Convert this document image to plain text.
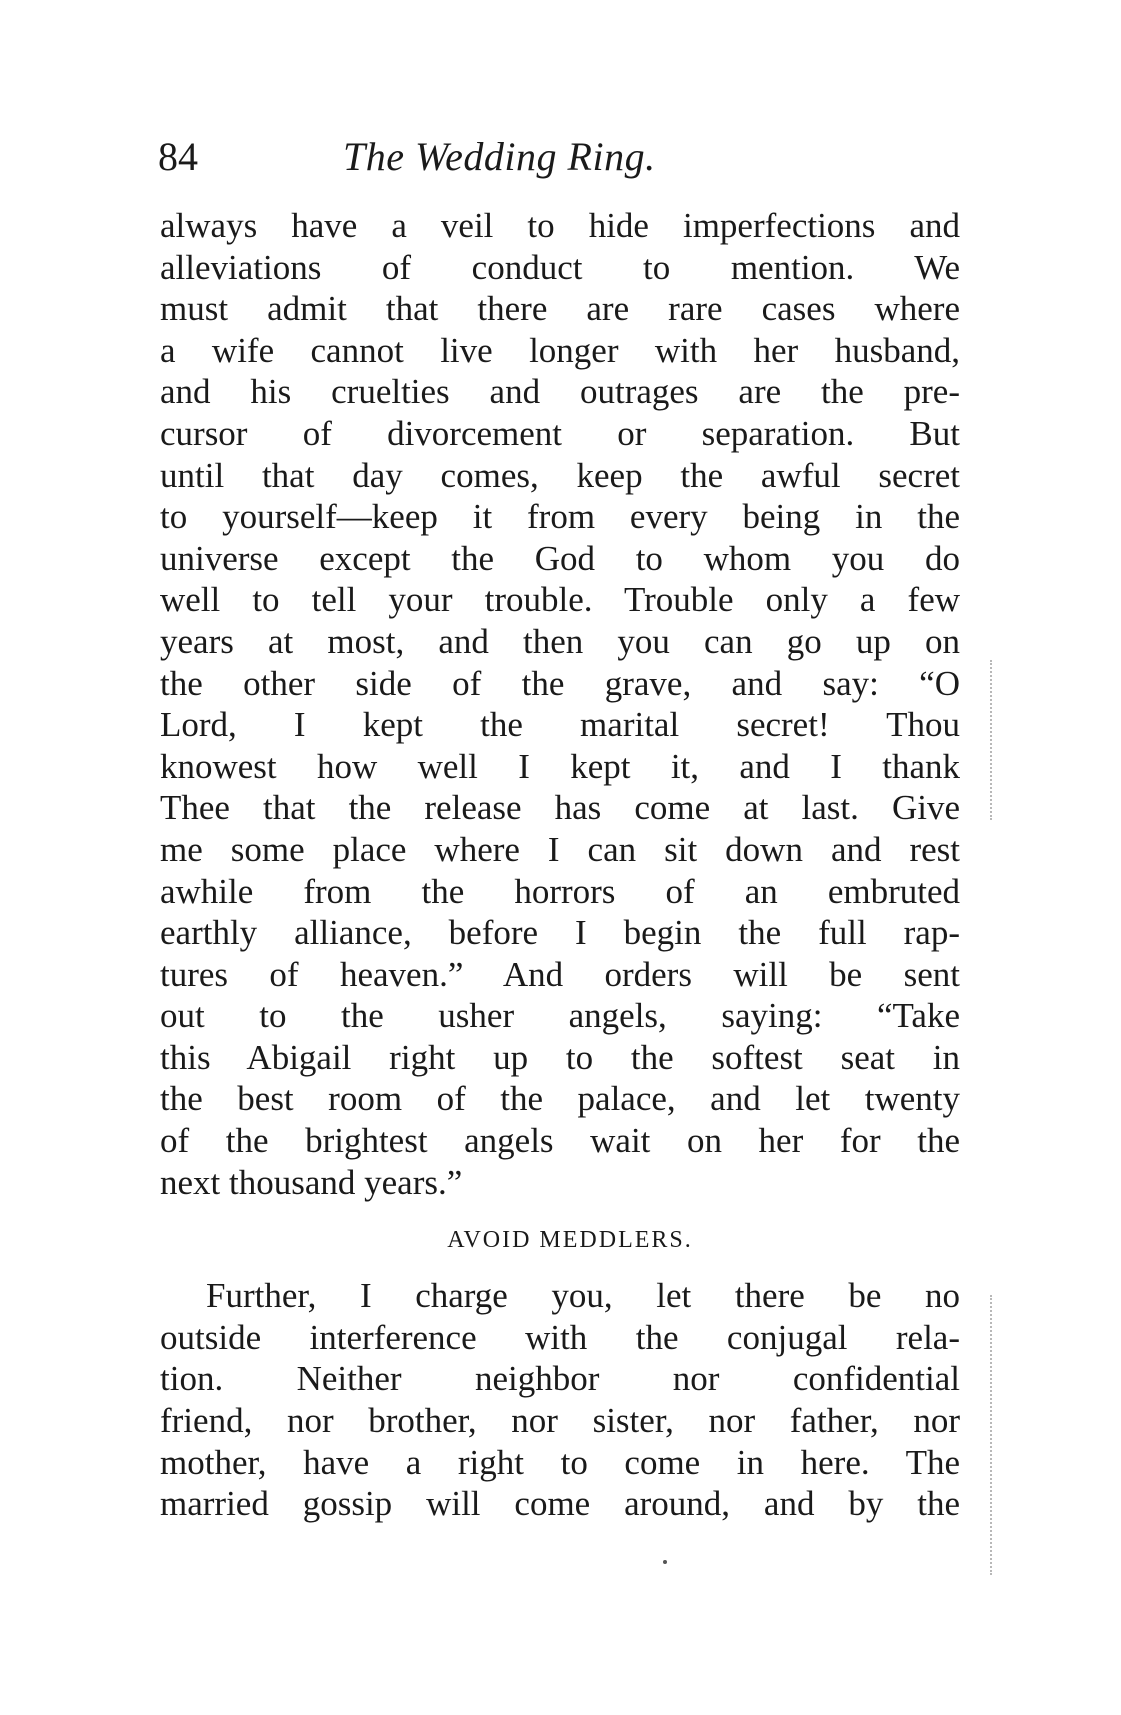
84	The Wedding Ring.
always have a veil to hide imperfections and
alleviations of conduct to mention. We
must admit that there are rare cases where
a wife cannot live longer with her husband,
and his cruelties and outrages are the pre-
cursor of divorcement or separation. But
until that day comes, keep the awful secret
to yourself—keep it from every being in the
universe except the God to whom you do
well to tell your trouble. Trouble only a few
years at most, and then you can go up on
the other side of the grave, and say: “O
Lord, I kept the marital secret! Thou
knowest how well I kept it, and I thank
Thee that the release has come at last. Give
me some place where I can sit down and rest
awhile from the horrors of an embruted
earthly alliance, before I begin the full rap-
tures of heaven.” And orders will be sent
out to the usher angels, saying: “Take
this Abigail right up to the softest seat in
the best room of the palace, and let twenty
of the brightest angels wait on her for the
next thousand years.”
AVOID MEDDLERS.
Further, I charge you, let there be no
outside interference with the conjugal rela-
tion. Neither neighbor nor confidential
friend, nor brother, nor sister, nor father, nor
mother, have a right to come in here. The
married gossip will come around, and by the
